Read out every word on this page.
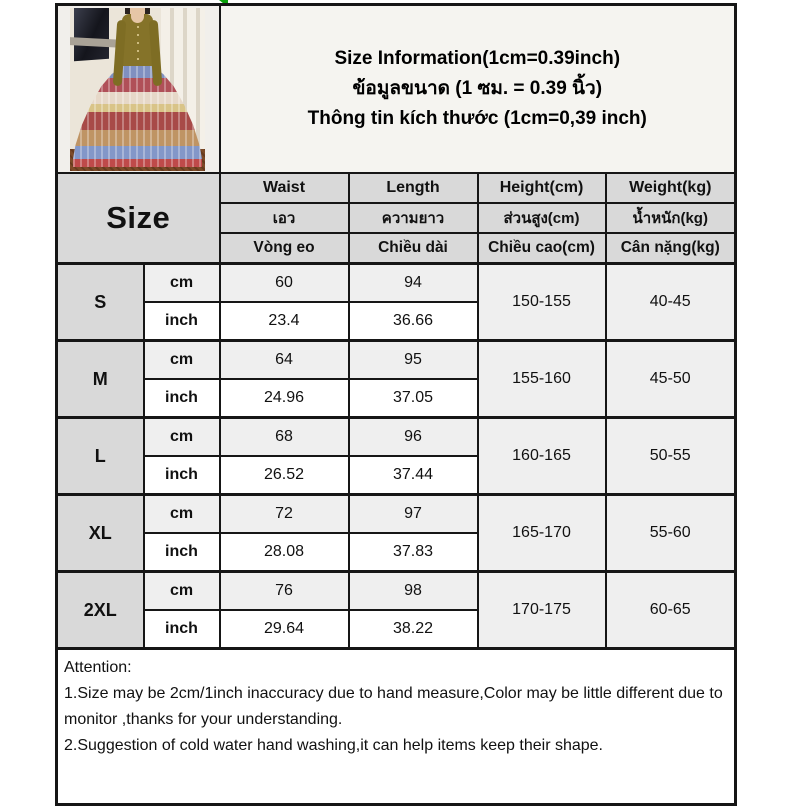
		Size Information(1cm=0.39inch)
ข้อมูลขนาด (1 ซม. = 0.39 นิ้ว)
Thông tin kích thước (1cm=0,39 inch)			

Size		Waist	Length	Height(cm)	Weight(kg)
		เอว	ความยาว	ส่วนสูง(cm)	น้ำหนัก(kg)
		Vòng eo	Chiều dài	Chiều cao(cm)	Cân nặng(kg)
S	cm	60	94	150-155	40-45
	inch	23.4	36.66		
M	cm	64	95	155-160	45-50
	inch	24.96	37.05		
L	cm	68	96	160-165	50-55
	inch	26.52	37.44		
XL	cm	72	97	165-170	55-60
	inch	28.08	37.83		
2XL	cm	76	98	170-175	60-65
	inch	29.64	38.22		

Attention:
1.Size may be 2cm/1inch inaccuracy due to hand measure,Color may be little different due to monitor ,thanks for your understanding.
2.Suggestion of cold water hand washing,it can help items keep their shape.					
